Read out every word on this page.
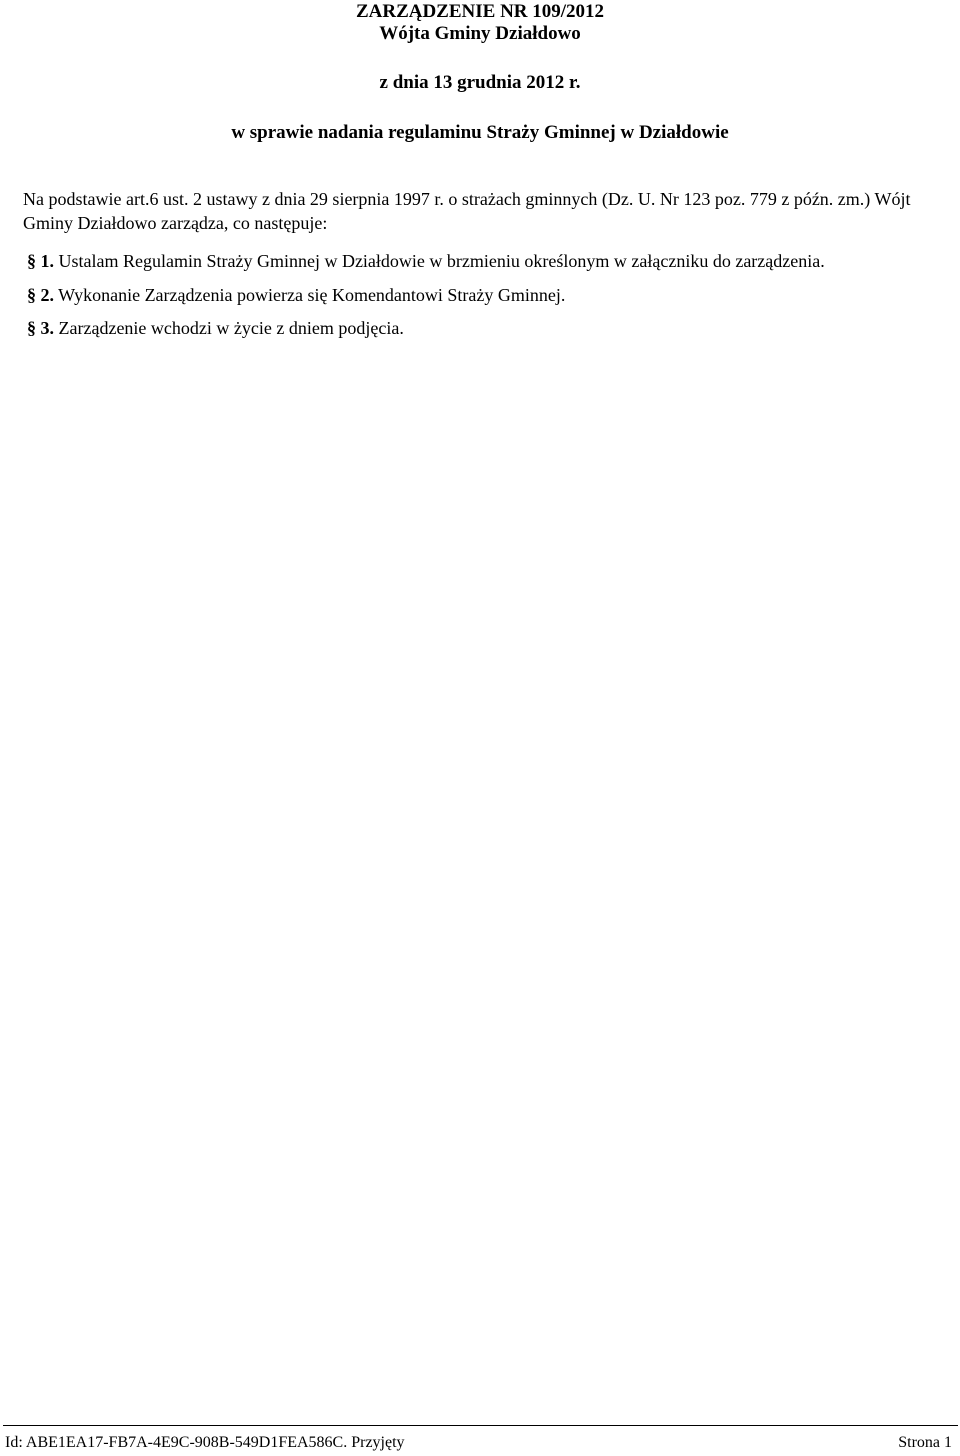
ZARZĄDZENIE NR 109/2012
Wójta Gminy Działdowo
z dnia 13 grudnia 2012 r.
w sprawie nadania regulaminu Straży Gminnej w Działdowie
Na podstawie art.6 ust. 2 ustawy z dnia 29 sierpnia 1997 r. o strażach gminnych (Dz. U. Nr 123 poz. 779 z późn. zm.) Wójt Gminy Działdowo zarządza, co następuje:
§ 1. Ustalam Regulamin Straży Gminnej w Działdowie w brzmieniu określonym w załączniku do zarządzenia.
§ 2. Wykonanie Zarządzenia powierza się Komendantowi Straży Gminnej.
§ 3. Zarządzenie wchodzi w życie z dniem podjęcia.
Id: ABE1EA17-FB7A-4E9C-908B-549D1FEA586C. Przyjęty	Strona 1
